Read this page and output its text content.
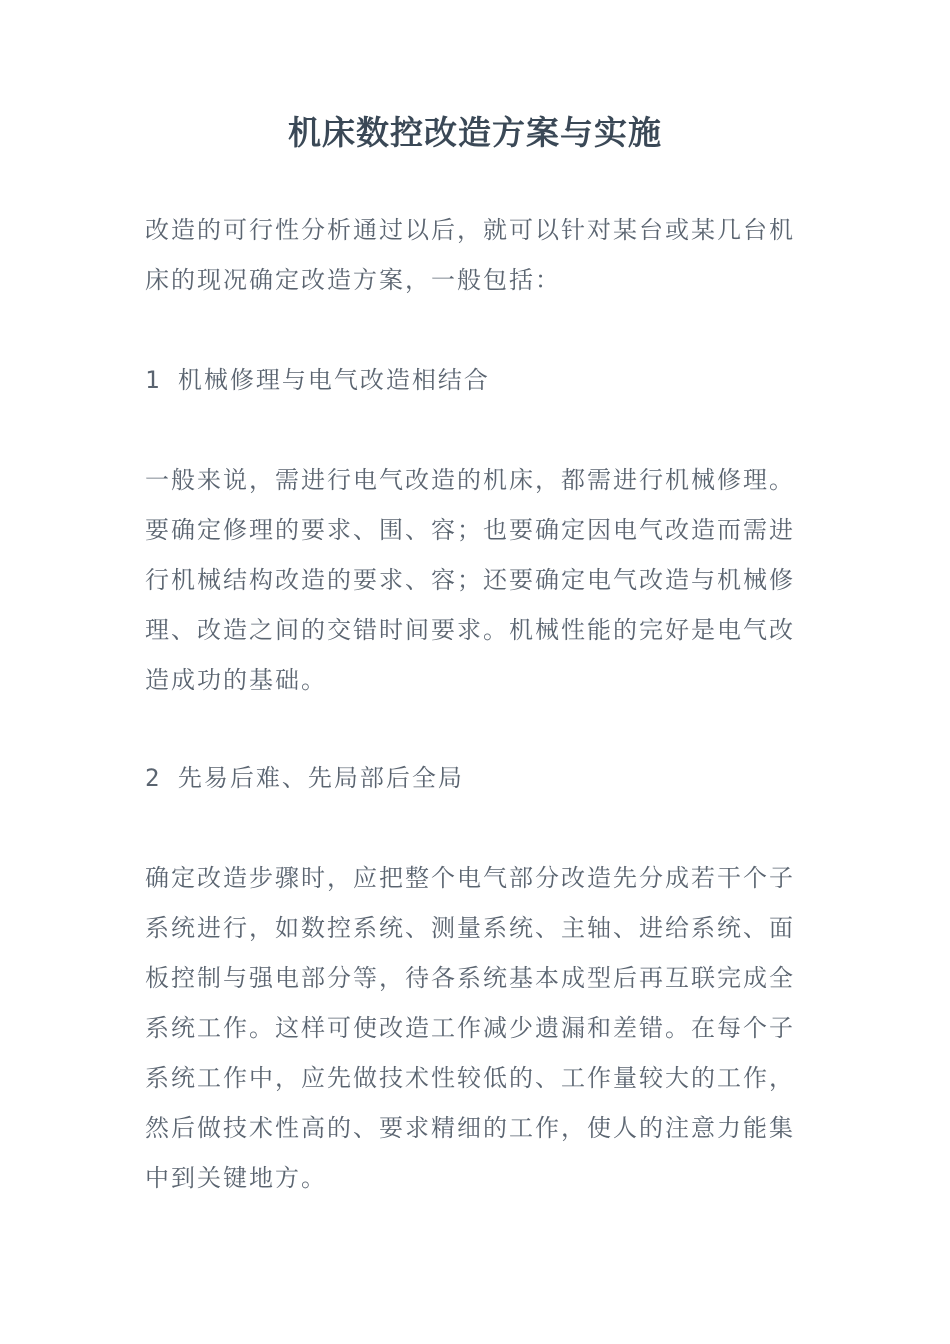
机床数控改造方案与实施

改造的可行性分析通过以后，就可以针对某台或某几台机床的现况确定改造方案，一般包括：

1 机械修理与电气改造相结合

一般来说，需进行电气改造的机床，都需进行机械修理。要确定修理的要求、围、容；也要确定因电气改造而需进行机械结构改造的要求、容；还要确定电气改造与机械修理、改造之间的交错时间要求。机械性能的完好是电气改造成功的基础。

2 先易后难、先局部后全局

确定改造步骤时，应把整个电气部分改造先分成若干个子系统进行，如数控系统、测量系统、主轴、进给系统、面板控制与强电部分等，待各系统基本成型后再互联完成全系统工作。这样可使改造工作减少遗漏和差错。在每个子系统工作中，应先做技术性较低的、工作量较大的工作，然后做技术性高的、要求精细的工作，使人的注意力能集中到关键地方。
